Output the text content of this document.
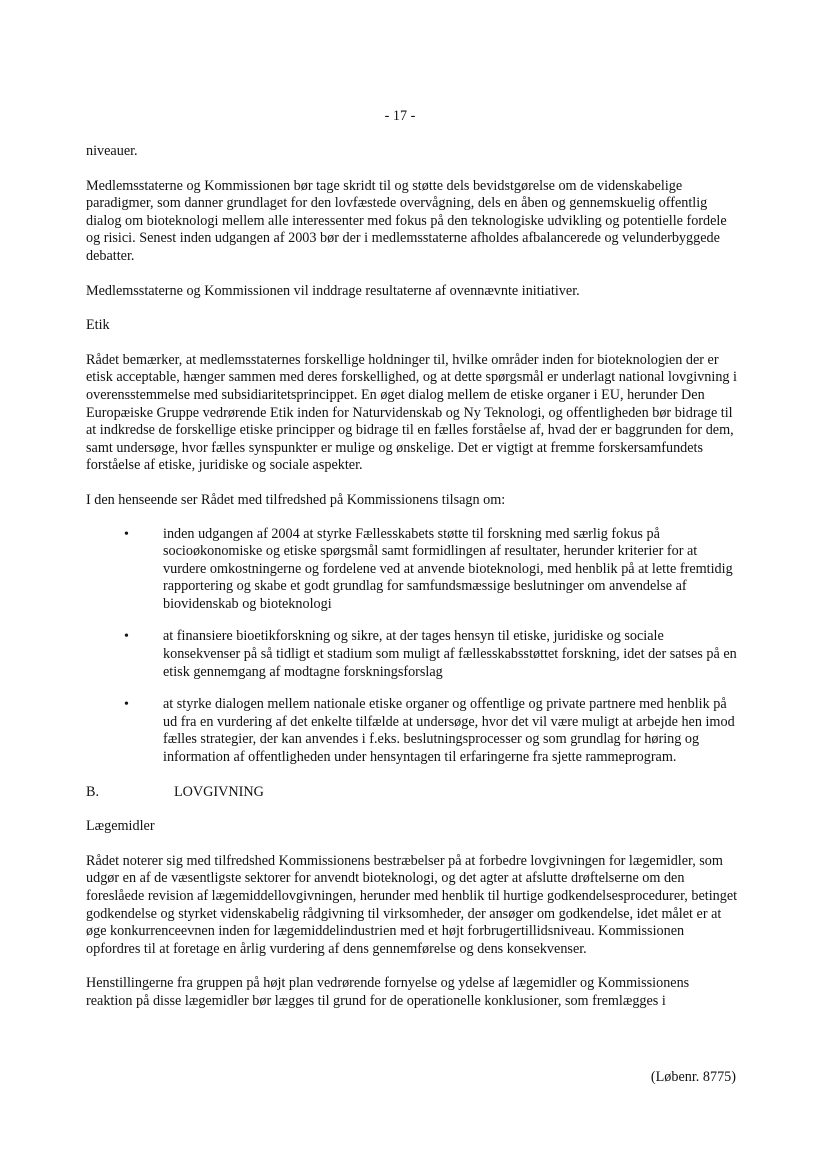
- 17 -

niveauer.

Medlemsstaterne og Kommissionen bør tage skridt til og støtte dels bevidstgørelse om de videnskabelige paradigmer, som danner grundlaget for den lovfæstede overvågning, dels en åben og gennemskuelig offentlig dialog om bioteknologi mellem alle interessenter med fokus på den teknologiske udvikling og potentielle fordele og risici. Senest inden udgangen af 2003 bør der i medlemsstaterne afholdes afbalancerede og velunderbyggede debatter.

Medlemsstaterne og Kommissionen vil inddrage resultaterne af ovennævnte initiativer.

Etik

Rådet bemærker, at medlemsstaternes forskellige holdninger til, hvilke områder inden for bioteknologien der er etisk acceptable, hænger sammen med deres forskellighed, og at dette spørgsmål er underlagt national lovgivning i overensstemmelse med subsidiaritetsprincippet. En øget dialog mellem de etiske organer i EU, herunder Den Europæiske Gruppe vedrørende Etik inden for Naturvidenskab og Ny Teknologi, og offentligheden bør bidrage til at indkredse de forskellige etiske principper og bidrage til en fælles forståelse af, hvad der er baggrunden for dem, samt undersøge, hvor fælles synspunkter er mulige og ønskelige. Det er vigtigt at fremme forskersamfundets forståelse af etiske, juridiske og sociale aspekter.

I den henseende ser Rådet med tilfredshed på Kommissionens tilsagn om:

• inden udgangen af 2004 at styrke Fællesskabets støtte til forskning med særlig fokus på socioøkonomiske og etiske spørgsmål samt formidlingen af resultater, herunder kriterier for at vurdere omkostningerne og fordelene ved at anvende bioteknologi, med henblik på at lette fremtidig rapportering og skabe et godt grundlag for samfundsmæssige beslutninger om anvendelse af biovidenskab og bioteknologi
• at finansiere bioetikforskning og sikre, at der tages hensyn til etiske, juridiske og sociale konsekvenser på så tidligt et stadium som muligt af fællesskabsstøttet forskning, idet der satses på en etisk gennemgang af modtagne forskningsforslag
• at styrke dialogen mellem nationale etiske organer og offentlige og private partnere med henblik på ud fra en vurdering af det enkelte tilfælde at undersøge, hvor det vil være muligt at arbejde hen imod fælles strategier, der kan anvendes i f.eks. beslutningsprocesser og som grundlag for høring og information af offentligheden under hensyntagen til erfaringerne fra sjette rammeprogram.
B.	LOVGIVNING

Lægemidler

Rådet noterer sig med tilfredshed Kommissionens bestræbelser på at forbedre lovgivningen for lægemidler, som udgør en af de væsentligste sektorer for anvendt bioteknologi, og det agter at afslutte drøftelserne om den foreslåede revision af lægemiddellovgivningen, herunder med henblik til hurtige godkendelsesprocedurer, betinget godkendelse og styrket videnskabelig rådgivning til virksomheder, der ansøger om godkendelse, idet målet er at øge konkurrenceevnen inden for lægemiddelindustrien med et højt forbrugertillidsniveau. Kommissionen opfordres til at foretage en årlig vurdering af dens gennemførelse og dens konsekvenser.

Henstillingerne fra gruppen på højt plan vedrørende fornyelse og ydelse af lægemidler og Kommissionens reaktion på disse lægemidler bør lægges til grund for de operationelle konklusioner, som fremlægges i

(Løbenr. 8775)
